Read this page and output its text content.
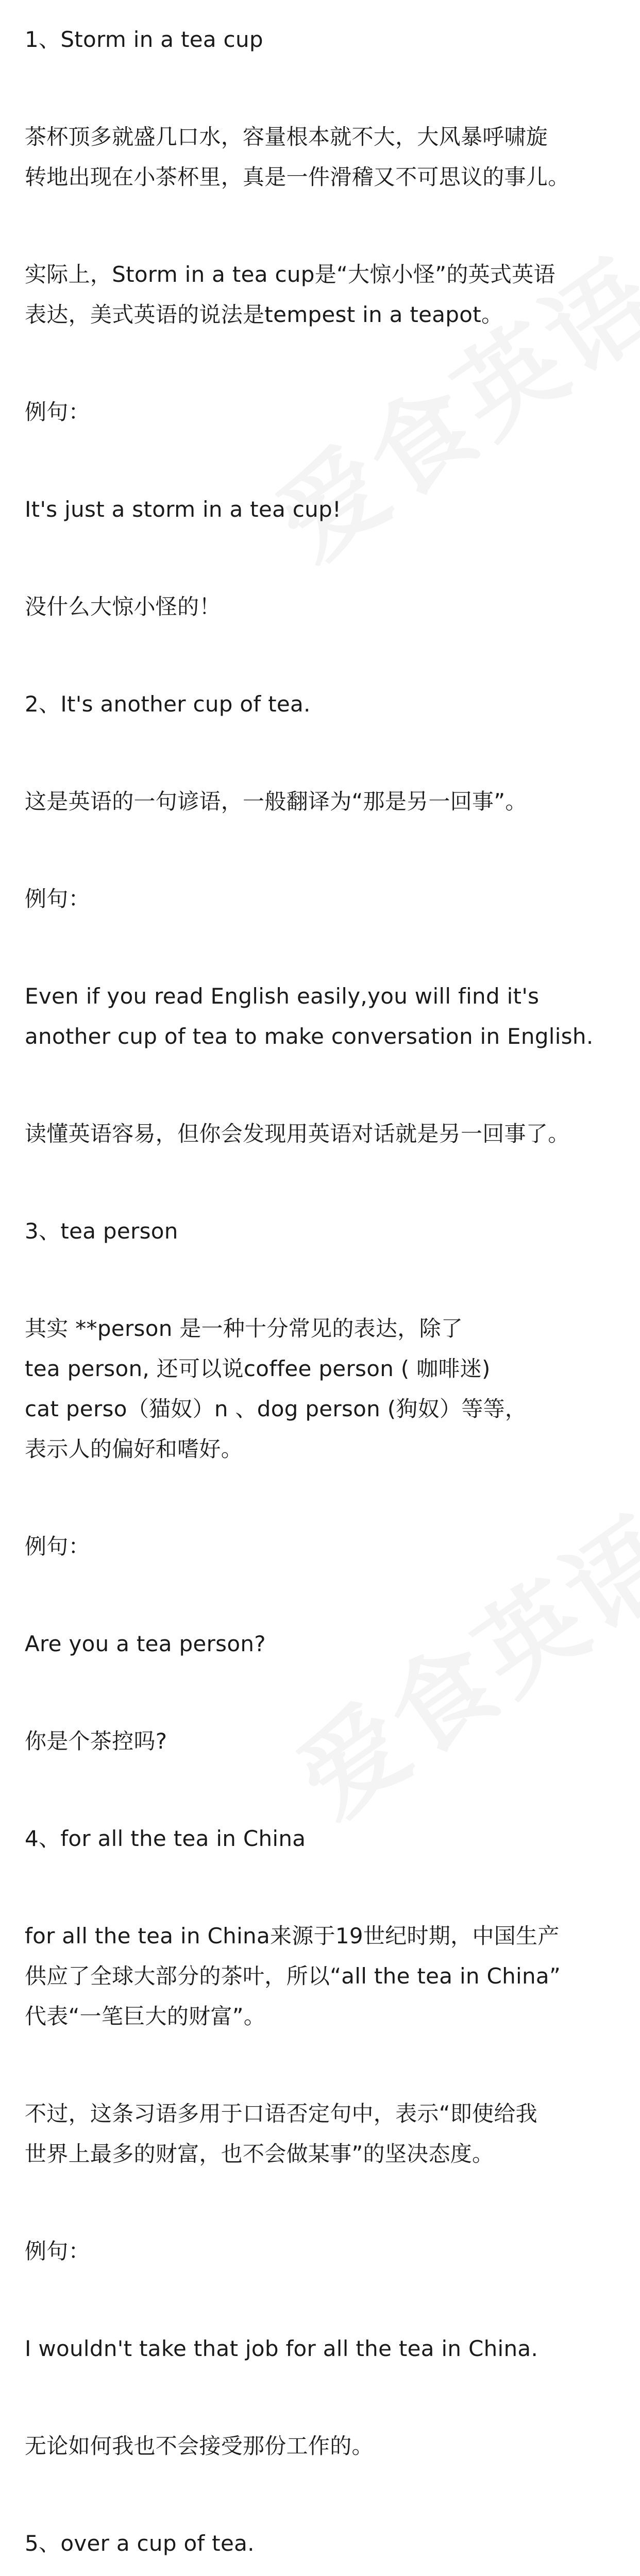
1、Storm in a tea cup

茶杯顶多就盛几口水，容量根本就不大，大风暴呼啸旋
转地出现在小茶杯里，真是一件滑稽又不可思议的事儿。

实际上，Storm in a tea cup是“大惊小怪”的英式英语
表达，美式英语的说法是tempest in a teapot。

例句：

It's just a storm in a tea cup!

没什么大惊小怪的！

2、It's another cup of tea.

这是英语的一句谚语，一般翻译为“那是另一回事”。

例句：

Even if you read English easily,you will find it's
another cup of tea to make conversation in English.

读懂英语容易，但你会发现用英语对话就是另一回事了。

3、tea person

其实 **person 是一种十分常见的表达，除了
tea person, 还可以说coffee person ( 咖啡迷)
cat perso（猫奴）n 、dog person (狗奴）等等，
表示人的偏好和嗜好。

例句：

Are you a tea person?

你是个茶控吗?

4、for all the tea in China

for all the tea in China来源于19世纪时期，中国生产
供应了全球大部分的茶叶，所以“all the tea in China”
代表“一笔巨大的财富”。

不过，这条习语多用于口语否定句中，表示“即使给我
世界上最多的财富，也不会做某事”的坚决态度。

例句：

I wouldn't take that job for all the tea in China.

无论如何我也不会接受那份工作的。

5、over a cup of tea.
